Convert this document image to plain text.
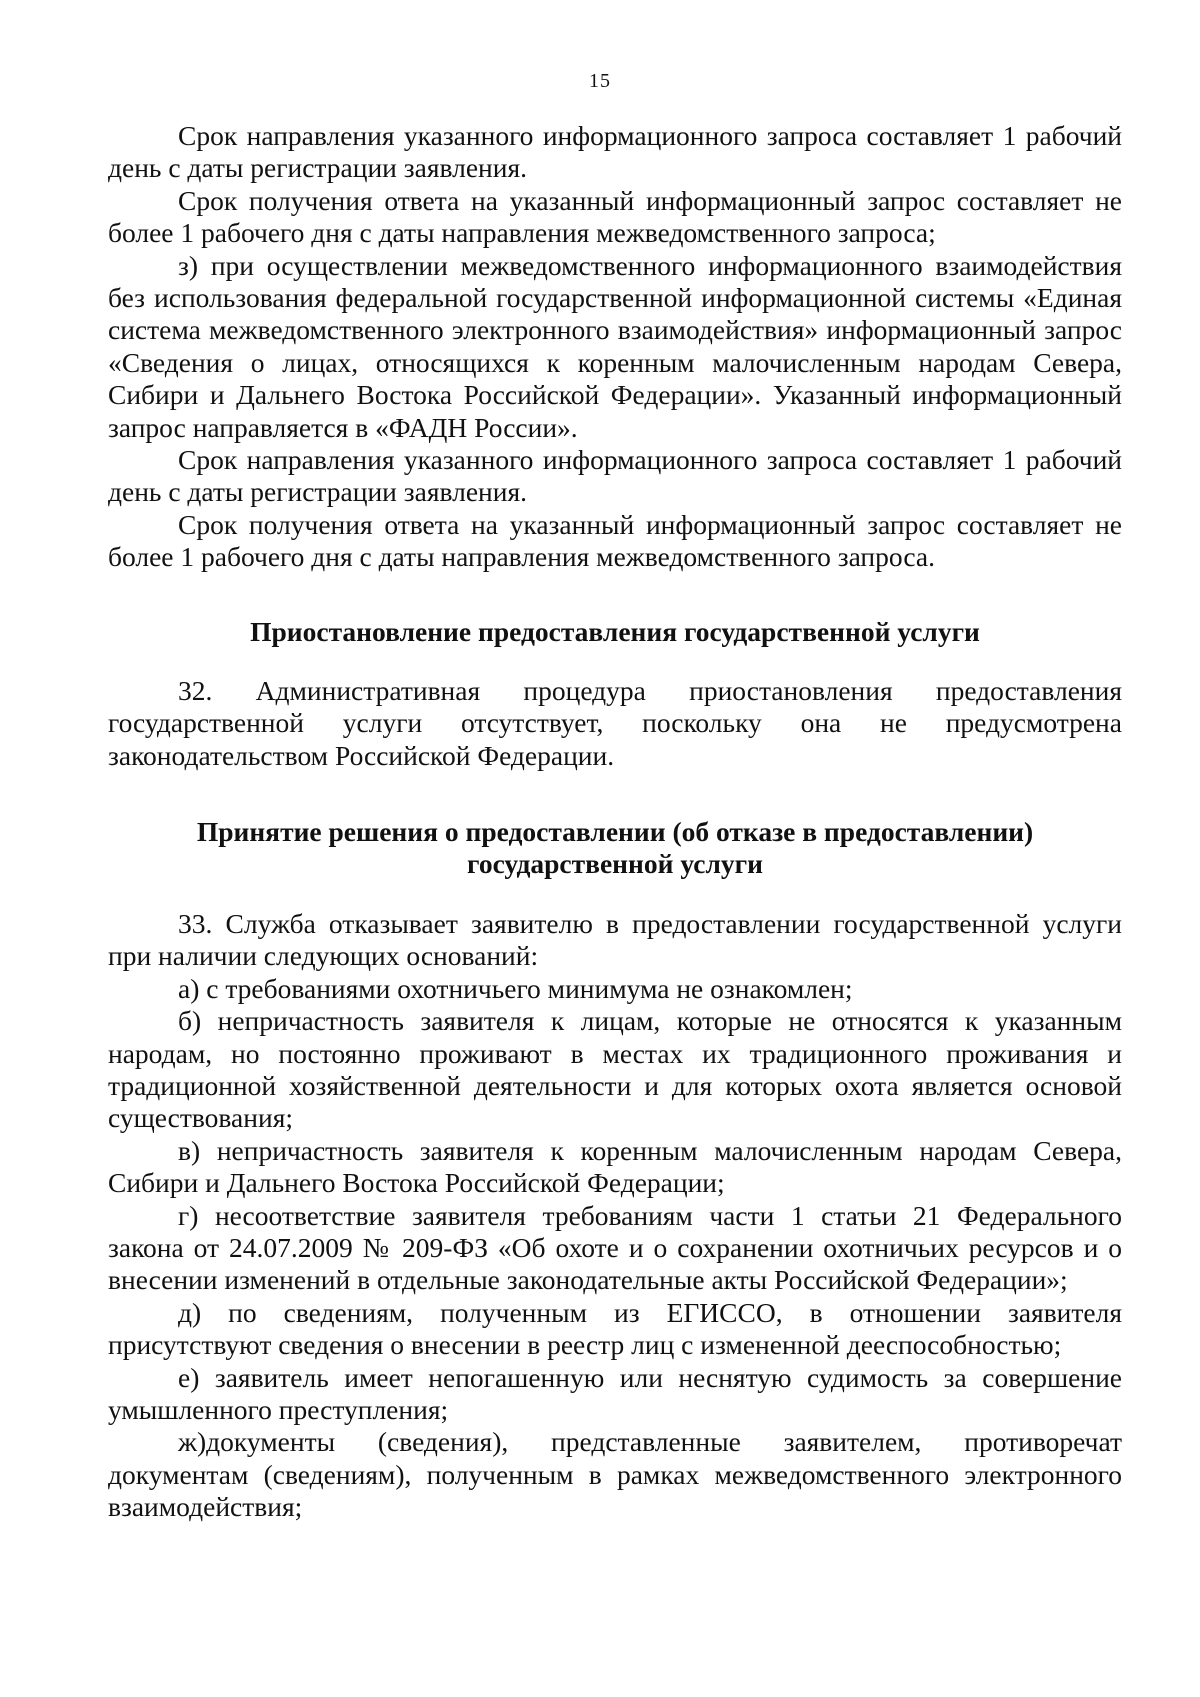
15

Срок направления указанного информационного запроса составляет 1 рабочий день с даты регистрации заявления.

Срок получения ответа на указанный информационный запрос составляет не более 1 рабочего дня с даты направления межведомственного запроса;

з) при осуществлении межведомственного информационного взаимодействия без использования федеральной государственной информационной системы «Единая система межведомственного электронного взаимодействия» информационный запрос «Сведения о лицах, относящихся к коренным малочисленным народам Севера, Сибири и Дальнего Востока Российской Федерации». Указанный информационный запрос направляется в «ФАДН России».

Срок направления указанного информационного запроса составляет 1 рабочий день с даты регистрации заявления.

Срок получения ответа на указанный информационный запрос составляет не более 1 рабочего дня с даты направления межведомственного запроса.

Приостановление предоставления государственной услуги

32. Административная процедура приостановления предоставления государственной услуги отсутствует, поскольку она не предусмотрена законодательством Российской Федерации.

Принятие решения о предоставлении (об отказе в предоставлении)
государственной услуги

33. Служба отказывает заявителю в предоставлении государственной услуги при наличии следующих оснований:

а) с требованиями охотничьего минимума не ознакомлен;

б) непричастность заявителя к лицам, которые не относятся к указанным народам, но постоянно проживают в местах их традиционного проживания и традиционной хозяйственной деятельности и для которых охота является основой существования;

в) непричастность заявителя к коренным малочисленным народам Севера, Сибири и Дальнего Востока Российской Федерации;

г) несоответствие заявителя требованиям части 1 статьи 21 Федерального закона от 24.07.2009 № 209-ФЗ «Об охоте и о сохранении охотничьих ресурсов и о внесении изменений в отдельные законодательные акты Российской Федерации»;

д) по сведениям, полученным из ЕГИССО, в отношении заявителя присутствуют сведения о внесении в реестр лиц с измененной дееспособностью;

е) заявитель имеет непогашенную или неснятую судимость за совершение умышленного преступления;

ж)документы (сведения), представленные заявителем, противоречат документам (сведениям), полученным в рамках межведомственного электронного взаимодействия;
